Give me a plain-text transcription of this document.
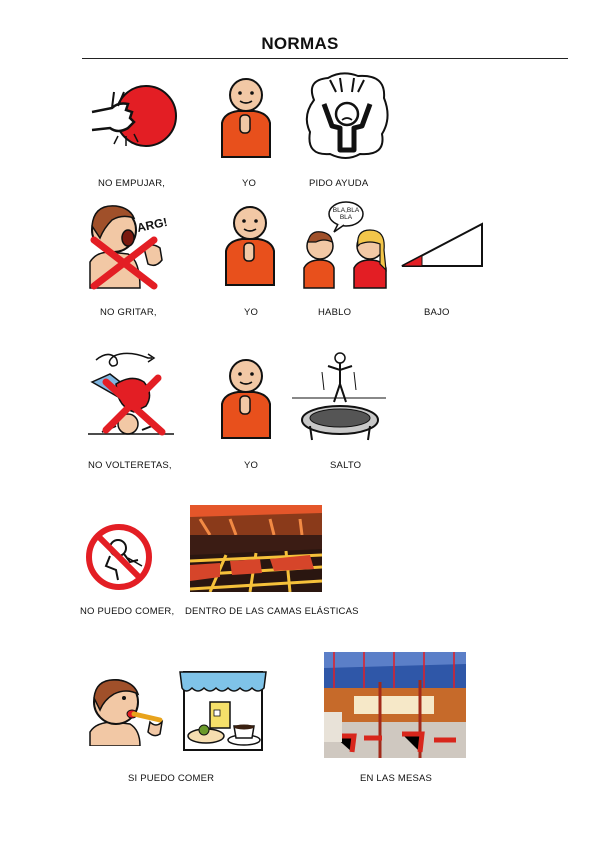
NORMAS
NO EMPUJAR,	YO	PIDO AYUDA
ARG!
BLA,BLA
BLA
NO GRITAR,	YO	HABLO	BAJO
NO VOLTERETAS,	YO	SALTO
NO PUEDO COMER, DENTRO DE LAS CAMAS ELÁSTICAS
SI PUEDO COMER	EN LAS MESAS
